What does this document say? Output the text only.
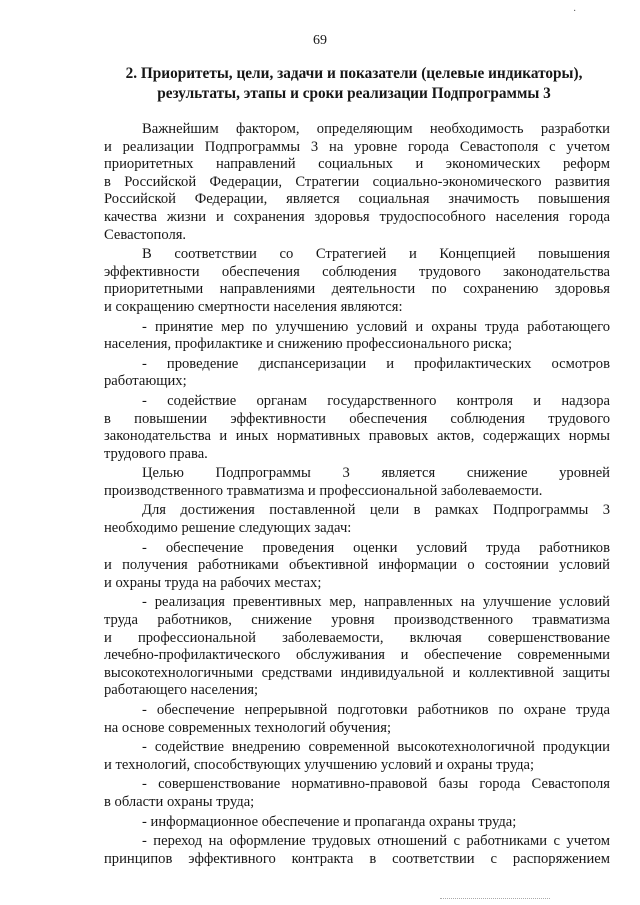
·
69
2. Приоритеты, цели, задачи и показатели (целевые индикаторы),
результаты, этапы и сроки реализации Подпрограммы 3
Важнейшим фактором, определяющим необходимость разработки
и реализации Подпрограммы 3 на уровне города Севастополя с учетом
приоритетных направлений социальных и экономических реформ
в Российской Федерации, Стратегии социально-экономического развития
Российской Федерации, является социальная значимость повышения
качества жизни и сохранения здоровья трудоспособного населения города
Севастополя.
В соответствии со Стратегией и Концепцией повышения
эффективности обеспечения соблюдения трудового законодательства
приоритетными направлениями деятельности по сохранению здоровья
и сокращению смертности населения являются:
- принятие мер по улучшению условий и охраны труда работающего
населения, профилактике и снижению профессионального риска;
- проведение диспансеризации и профилактических осмотров
работающих;
- содействие органам государственного контроля и надзора
в повышении эффективности обеспечения соблюдения трудового
законодательства и иных нормативных правовых актов, содержащих нормы
трудового права.
Целью Подпрограммы 3 является снижение уровней
производственного травматизма и профессиональной заболеваемости.
Для достижения поставленной цели в рамках Подпрограммы 3
необходимо решение следующих задач:
- обеспечение проведения оценки условий труда работников
и получения работниками объективной информации о состоянии условий
и охраны труда на рабочих местах;
- реализация превентивных мер, направленных на улучшение условий
труда работников, снижение уровня производственного травматизма
и профессиональной заболеваемости, включая совершенствование
лечебно-профилактического обслуживания и обеспечение современными
высокотехнологичными средствами индивидуальной и коллективной защиты
работающего населения;
- обеспечение непрерывной подготовки работников по охране труда
на основе современных технологий обучения;
- содействие внедрению современной высокотехнологичной продукции
и технологий, способствующих улучшению условий и охраны труда;
- совершенствование нормативно-правовой базы города Севастополя
в области охраны труда;
- информационное обеспечение и пропаганда охраны труда;
- переход на оформление трудовых отношений с работниками с учетом
принципов эффективного контракта в соответствии с распоряжением
